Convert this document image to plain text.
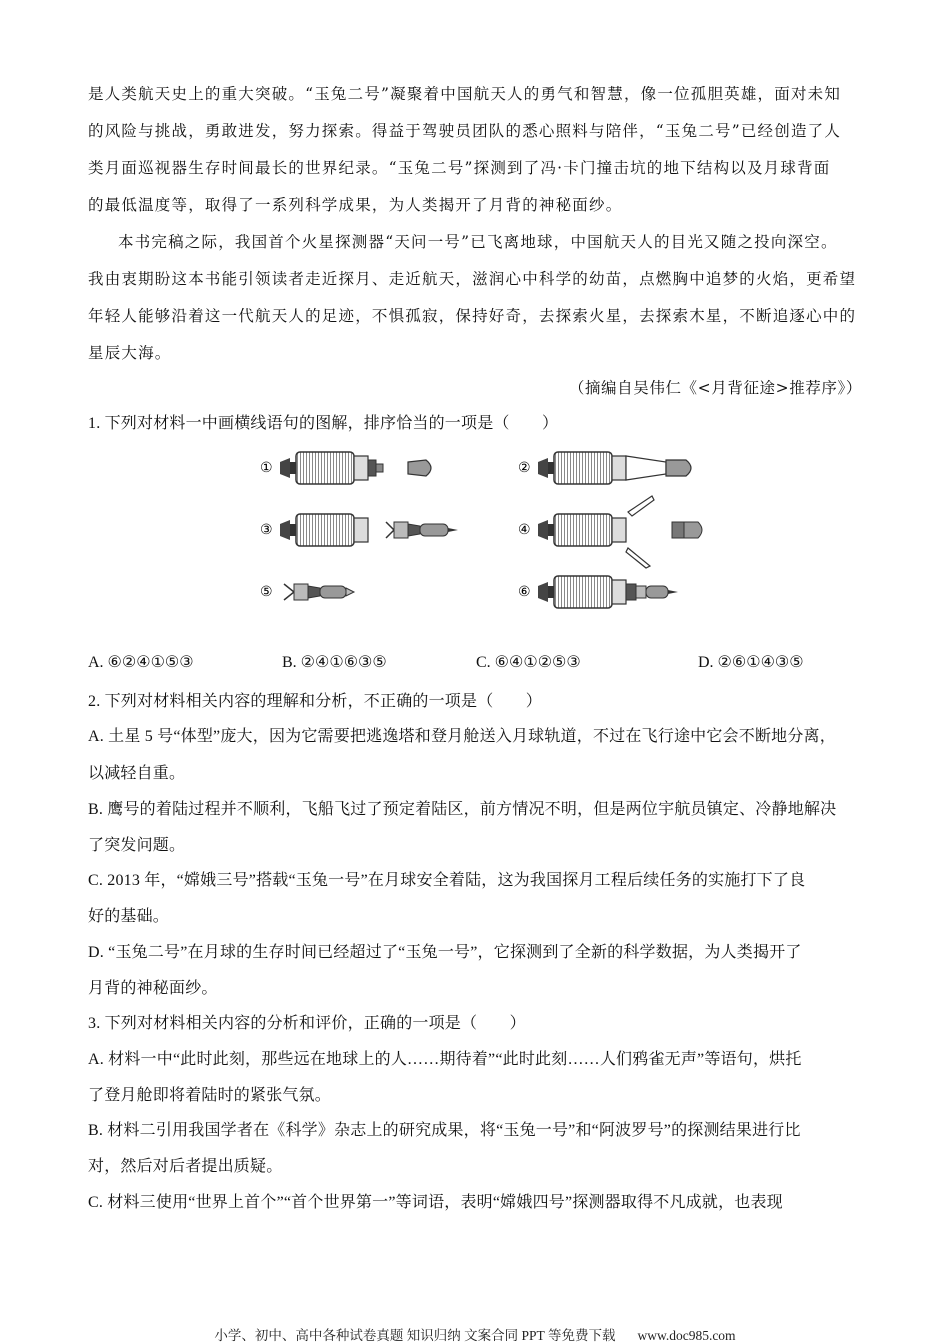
是人类航天史上的重大突破。“玉兔二号”凝聚着中国航天人的勇气和智慧，像一位孤胆英雄，面对未知
的风险与挑战，勇敢进发，努力探索。得益于驾驶员团队的悉心照料与陪伴，“玉兔二号”已经创造了人
类月面巡视器生存时间最长的世界纪录。“玉兔二号”探测到了冯·卡门撞击坑的地下结构以及月球背面
的最低温度等，取得了一系列科学成果，为人类揭开了月背的神秘面纱。
本书完稿之际，我国首个火星探测器“天问一号”已飞离地球，中国航天人的目光又随之投向深空。
我由衷期盼这本书能引领读者走近探月、走近航天，滋润心中科学的幼苗，点燃胸中追梦的火焰，更希望
年轻人能够沿着这一代航天人的足迹，不惧孤寂，保持好奇，去探索火星，去探索木星，不断追逐心中的
星辰大海。
（摘编自吴伟仁《<月背征途>推荐序》）
1. 下列对材料一中画横线语句的图解，排序恰当的一项是（　　）
①	②
③	④
⑤	⑥
A. ⑥②④①⑤③	B. ②④①⑥③⑤	C. ⑥④①②⑤③	D. ②⑥①④③⑤
2. 下列对材料相关内容的理解和分析，不正确的一项是（　　）
A. 土星 5 号“体型”庞大，因为它需要把逃逸塔和登月舱送入月球轨道，不过在飞行途中它会不断地分离，
以减轻自重。
B. 鹰号的着陆过程并不顺利，飞船飞过了预定着陆区，前方情况不明，但是两位宇航员镇定、冷静地解决
了突发问题。
C. 2013 年，“嫦娥三号”搭载“玉兔一号”在月球安全着陆，这为我国探月工程后续任务的实施打下了良
好的基础。
D. “玉兔二号”在月球的生存时间已经超过了“玉兔一号”，它探测到了全新的科学数据，为人类揭开了
月背的神秘面纱。
3. 下列对材料相关内容的分析和评价，正确的一项是（　　）
A. 材料一中“此时此刻，那些远在地球上的人……期待着”“此时此刻……人们鸦雀无声”等语句，烘托
了登月舱即将着陆时的紧张气氛。
B. 材料二引用我国学者在《科学》杂志上的研究成果，将“玉兔一号”和“阿波罗号”的探测结果进行比
对，然后对后者提出质疑。
C. 材料三使用“世界上首个”“首个世界第一”等词语，表明“嫦娥四号”探测器取得不凡成就，也表现
小学、初中、高中各种试卷真题 知识归纳 文案合同 PPT 等免费下载 www.doc985.com
